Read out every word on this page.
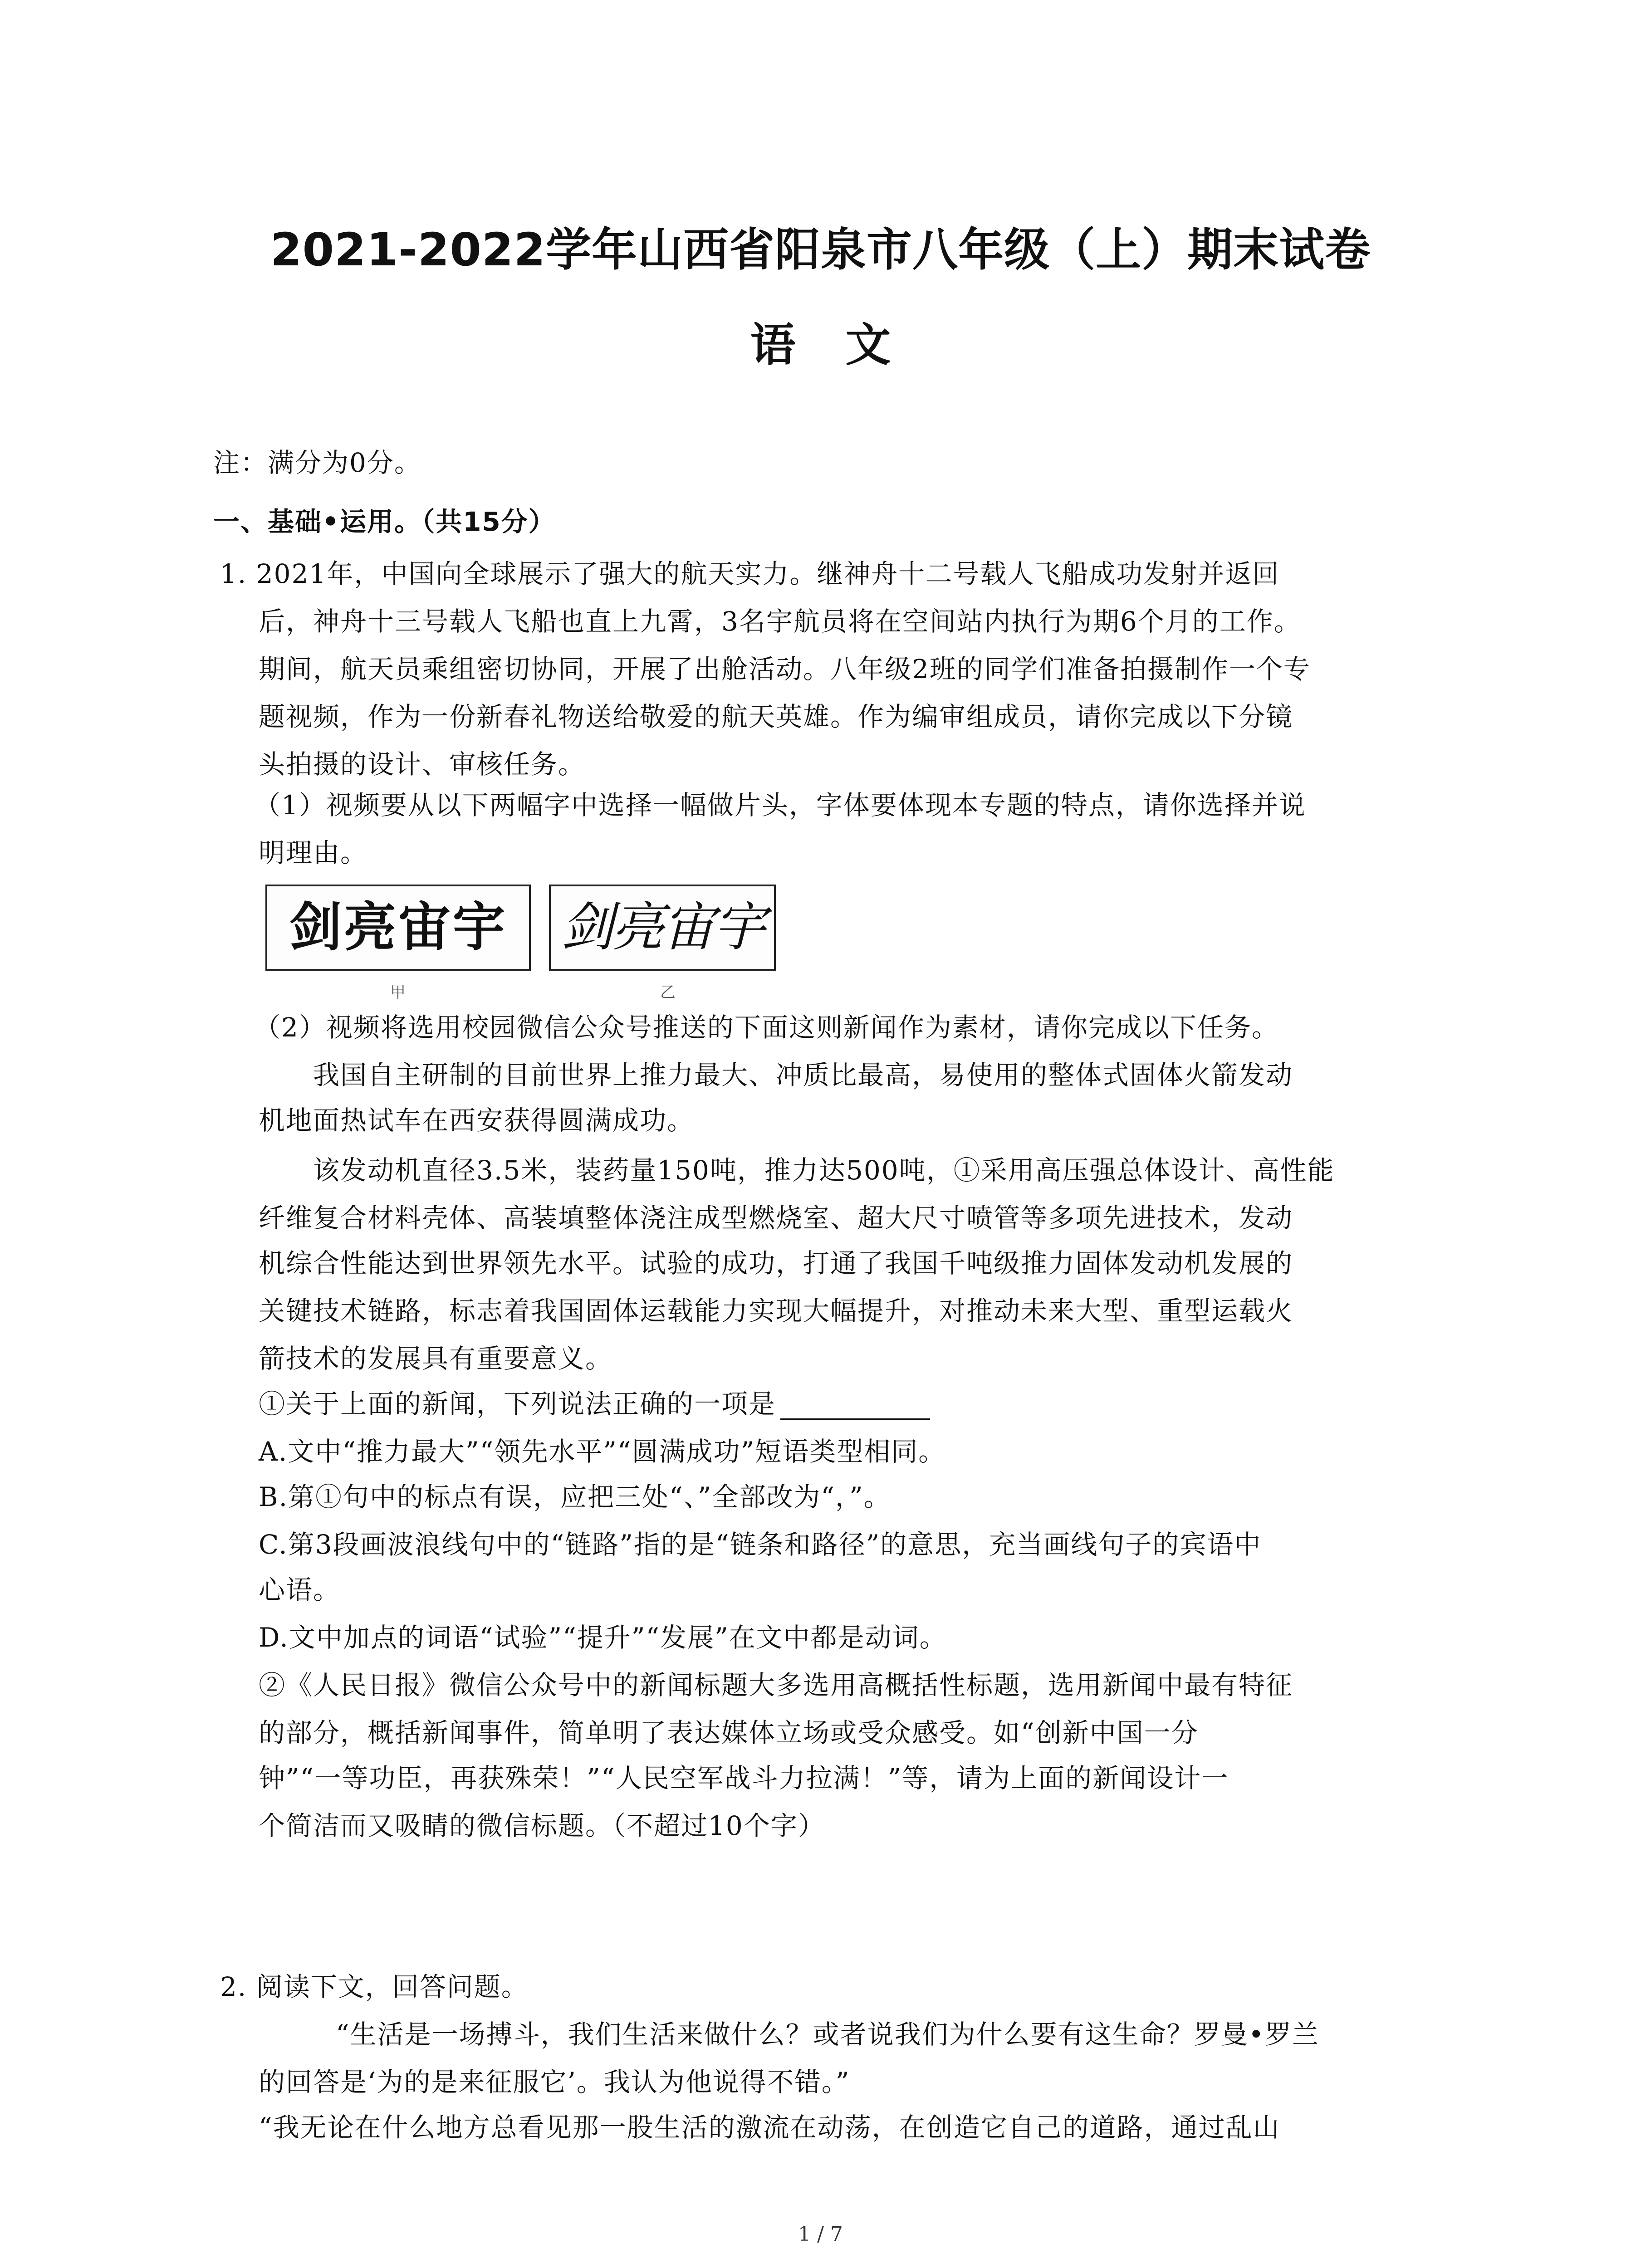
2021-2022学年山西省阳泉市八年级（上）期末试卷
语 文
注：满分为0分。
一、基础•运用。（共15分）
1. 2021年，中国向全球展示了强大的航天实力。继神舟十二号载人飞船成功发射并返回
后，神舟十三号载人飞船也直上九霄，3名宇航员将在空间站内执行为期6个月的工作。
期间，航天员乘组密切协同，开展了出舱活动。八年级2班的同学们准备拍摄制作一个专
题视频，作为一份新春礼物送给敬爱的航天英雄。作为编审组成员，请你完成以下分镜
头拍摄的设计、审核任务。
（1）视频要从以下两幅字中选择一幅做片头，字体要体现本专题的特点，请你选择并说
明理由。
剑亮宙宇	剑亮宙宇
甲	乙
（2）视频将选用校园微信公众号推送的下面这则新闻作为素材，请你完成以下任务。
我国自主研制的目前世界上推力最大、冲质比最高，易使用的整体式固体火箭发动
机地面热试车在西安获得圆满成功。
该发动机直径3.5米，装药量150吨，推力达500吨，①采用高压强总体设计、高性能
纤维复合材料壳体、高装填整体浇注成型燃烧室、超大尺寸喷管等多项先进技术，发动
机综合性能达到世界领先水平。试验的成功，打通了我国千吨级推力固体发动机发展的
关键技术链路，标志着我国固体运载能力实现大幅提升，对推动未来大型、重型运载火
箭技术的发展具有重要意义。
①关于上面的新闻，下列说法正确的一项是
A.文中“推力最大”“领先水平”“圆满成功”短语类型相同。
B.第①句中的标点有误，应把三处“、”全部改为“，”。
C.第3段画波浪线句中的“链路”指的是“链条和路径”的意思，充当画线句子的宾语中
心语。
D.文中加点的词语“试验”“提升”“发展”在文中都是动词。
②《人民日报》微信公众号中的新闻标题大多选用高概括性标题，选用新闻中最有特征
的部分，概括新闻事件，简单明了表达媒体立场或受众感受。如“创新中国一分
钟”“一等功臣，再获殊荣！”“人民空军战斗力拉满！”等，请为上面的新闻设计一
个简洁而又吸睛的微信标题。（不超过10个字）
2. 阅读下文，回答问题。
“生活是一场搏斗，我们生活来做什么？或者说我们为什么要有这生命？罗曼•罗兰
的回答是‘为的是来征服它’。我认为他说得不错。”
“我无论在什么地方总看见那一股生活的激流在动荡，在创造它自己的道路，通过乱山
1 / 7
